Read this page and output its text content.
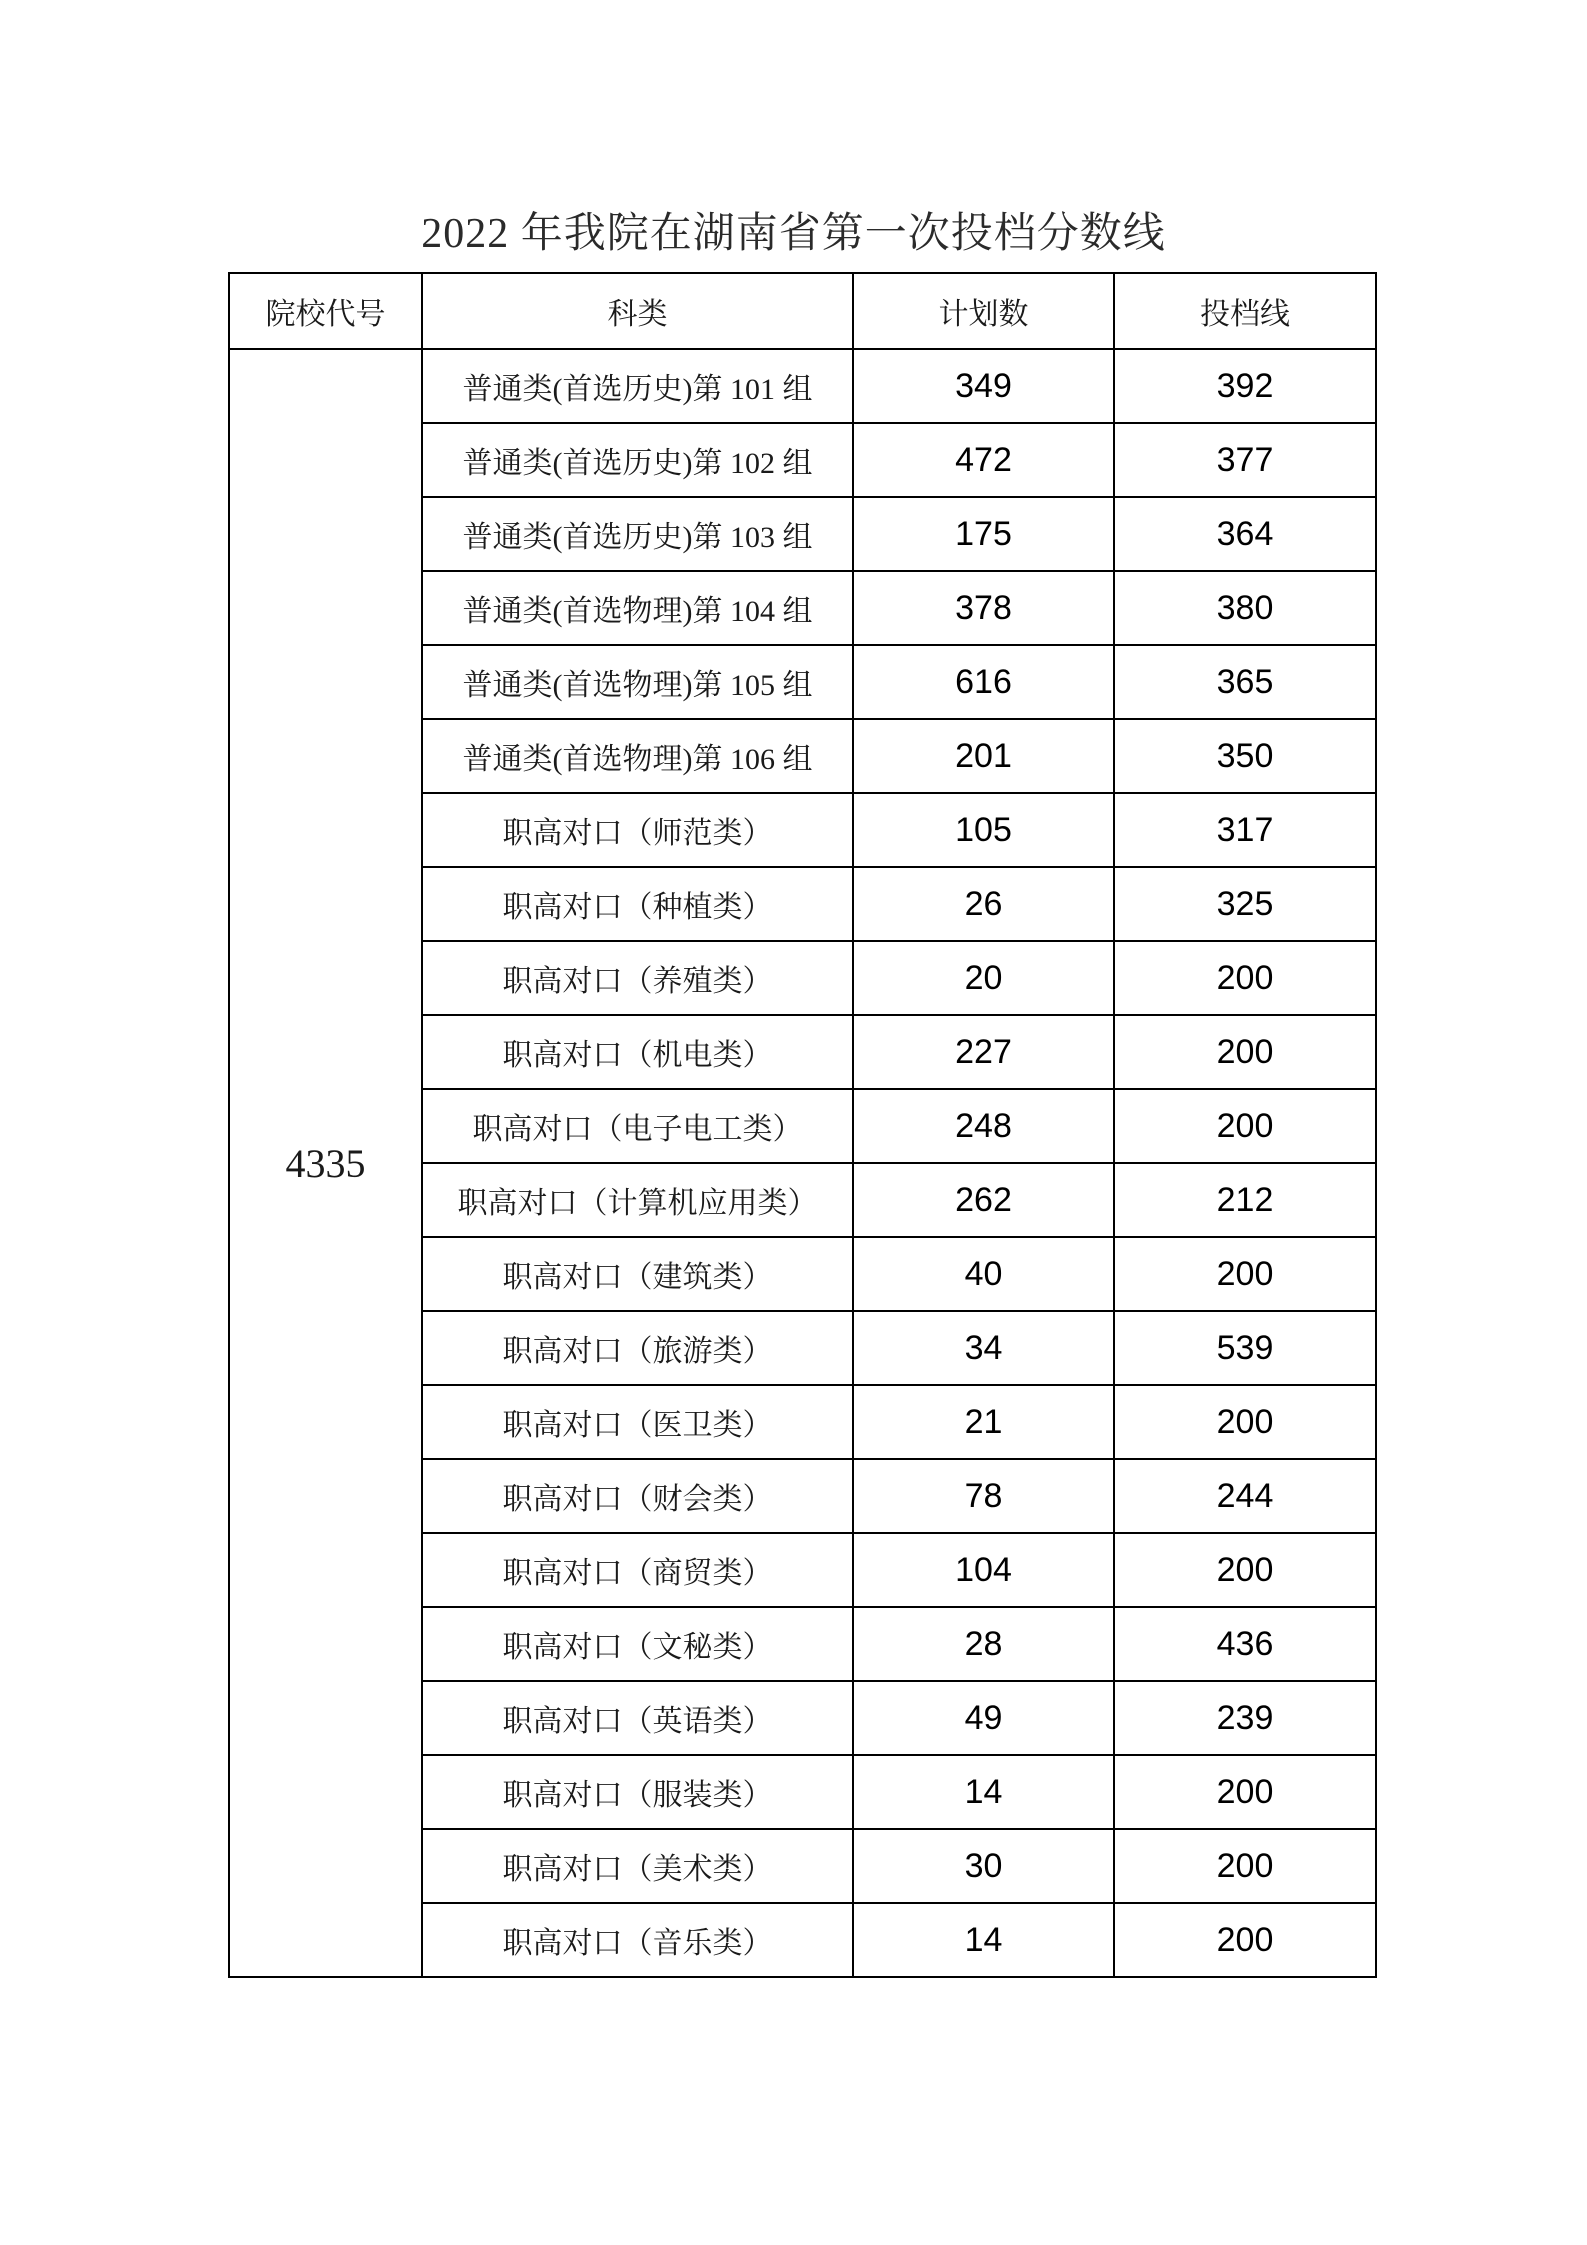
2022 年我院在湖南省第一次投档分数线
院校代号	科类	计划数	投档线
4335	普通类(首选历史)第 101 组	349	392
	普通类(首选历史)第 102 组	472	377
	普通类(首选历史)第 103 组	175	364
	普通类(首选物理)第 104 组	378	380
	普通类(首选物理)第 105 组	616	365
	普通类(首选物理)第 106 组	201	350
	职高对口（师范类）	105	317
	职高对口（种植类）	26	325
	职高对口（养殖类）	20	200
	职高对口（机电类）	227	200
	职高对口（电子电工类）	248	200
	职高对口（计算机应用类）	262	212
	职高对口（建筑类）	40	200
	职高对口（旅游类）	34	539
	职高对口（医卫类）	21	200
	职高对口（财会类）	78	244
	职高对口（商贸类）	104	200
	职高对口（文秘类）	28	436
	职高对口（英语类）	49	239
	职高对口（服装类）	14	200
	职高对口（美术类）	30	200
	职高对口（音乐类）	14	200
